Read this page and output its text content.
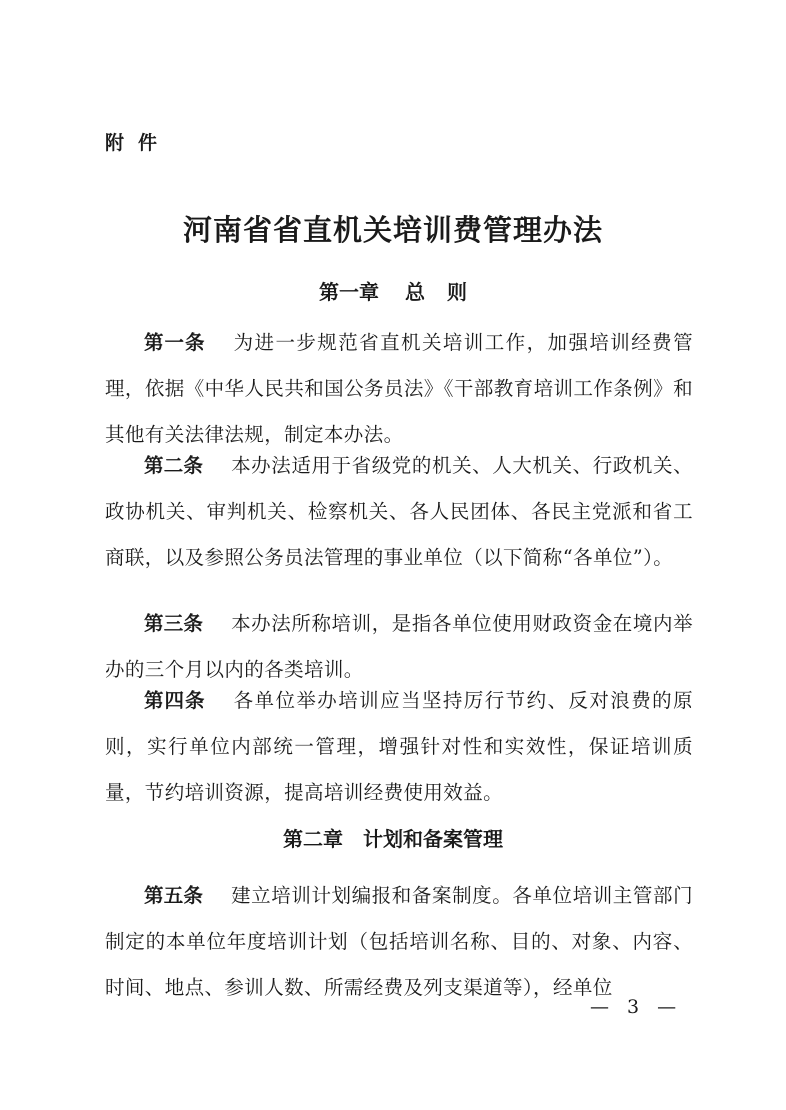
附件
河南省省直机关培训费管理办法
第一章 总则
第一条 为进一步规范省直机关培训工作，加强培训经费管理，依据《中华人民共和国公务员法》《干部教育培训工作条例》和其他有关法律法规，制定本办法。
第二条 本办法适用于省级党的机关、人大机关、行政机关、政协机关、审判机关、检察机关、各人民团体、各民主党派和省工商联，以及参照公务员法管理的事业单位（以下简称“各单位”）。
第三条 本办法所称培训，是指各单位使用财政资金在境内举办的三个月以内的各类培训。
第四条 各单位举办培训应当坚持厉行节约、反对浪费的原则，实行单位内部统一管理，增强针对性和实效性，保证培训质量，节约培训资源，提高培训经费使用效益。
第二章 计划和备案管理
第五条 建立培训计划编报和备案制度。各单位培训主管部门制定的本单位年度培训计划（包括培训名称、目的、对象、内容、时间、地点、参训人数、所需经费及列支渠道等），经单位
— 3 —
